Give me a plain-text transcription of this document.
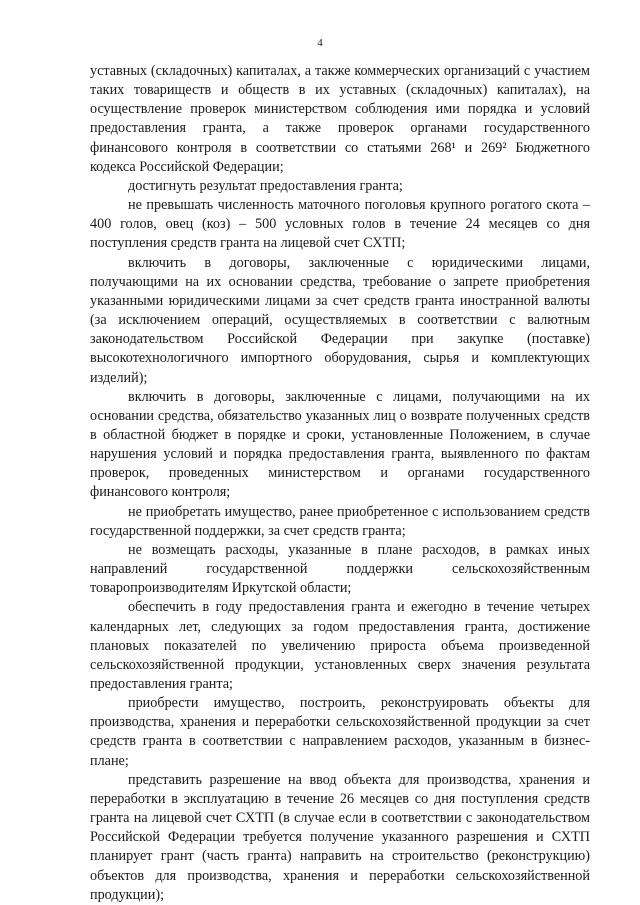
4

уставных (складочных) капиталах, а также коммерческих организаций с участием таких товариществ и обществ в их уставных (складочных) капиталах), на осуществление проверок министерством соблюдения ими порядка и условий предоставления гранта, а также проверок органами государственного финансового контроля в соответствии со статьями 268¹ и 269² Бюджетного кодекса Российской Федерации;

достигнуть результат предоставления гранта;

не превышать численность маточного поголовья крупного рогатого скота – 400 голов, овец (коз) – 500 условных голов в течение 24 месяцев со дня поступления средств гранта на лицевой счет СХТП;

включить в договоры, заключенные с юридическими лицами, получающими на их основании средства, требование о запрете приобретения указанными юридическими лицами за счет средств гранта иностранной валюты (за исключением операций, осуществляемых в соответствии с валютным законодательством Российской Федерации при закупке (поставке) высокотехнологичного импортного оборудования, сырья и комплектующих изделий);

включить в договоры, заключенные с лицами, получающими на их основании средства, обязательство указанных лиц о возврате полученных средств в областной бюджет в порядке и сроки, установленные Положением, в случае нарушения условий и порядка предоставления гранта, выявленного по фактам проверок, проведенных министерством и органами государственного финансового контроля;

не приобретать имущество, ранее приобретенное с использованием средств государственной поддержки, за счет средств гранта;

не возмещать расходы, указанные в плане расходов, в рамках иных направлений государственной поддержки сельскохозяйственным товаропроизводителям Иркутской области;

обеспечить в году предоставления гранта и ежегодно в течение четырех календарных лет, следующих за годом предоставления гранта, достижение плановых показателей по увеличению прироста объема произведенной сельскохозяйственной продукции, установленных сверх значения результата предоставления гранта;

приобрести имущество, построить, реконструировать объекты для производства, хранения и переработки сельскохозяйственной продукции за счет средств гранта в соответствии с направлением расходов, указанным в бизнес-плане;

представить разрешение на ввод объекта для производства, хранения и переработки в эксплуатацию в течение 26 месяцев со дня поступления средств гранта на лицевой счет СХТП (в случае если в соответствии с законодательством Российской Федерации требуется получение указанного разрешения и СХТП планирует грант (часть гранта) направить на строительство (реконструкцию) объектов для производства, хранения и переработки сельскохозяйственной продукции);
